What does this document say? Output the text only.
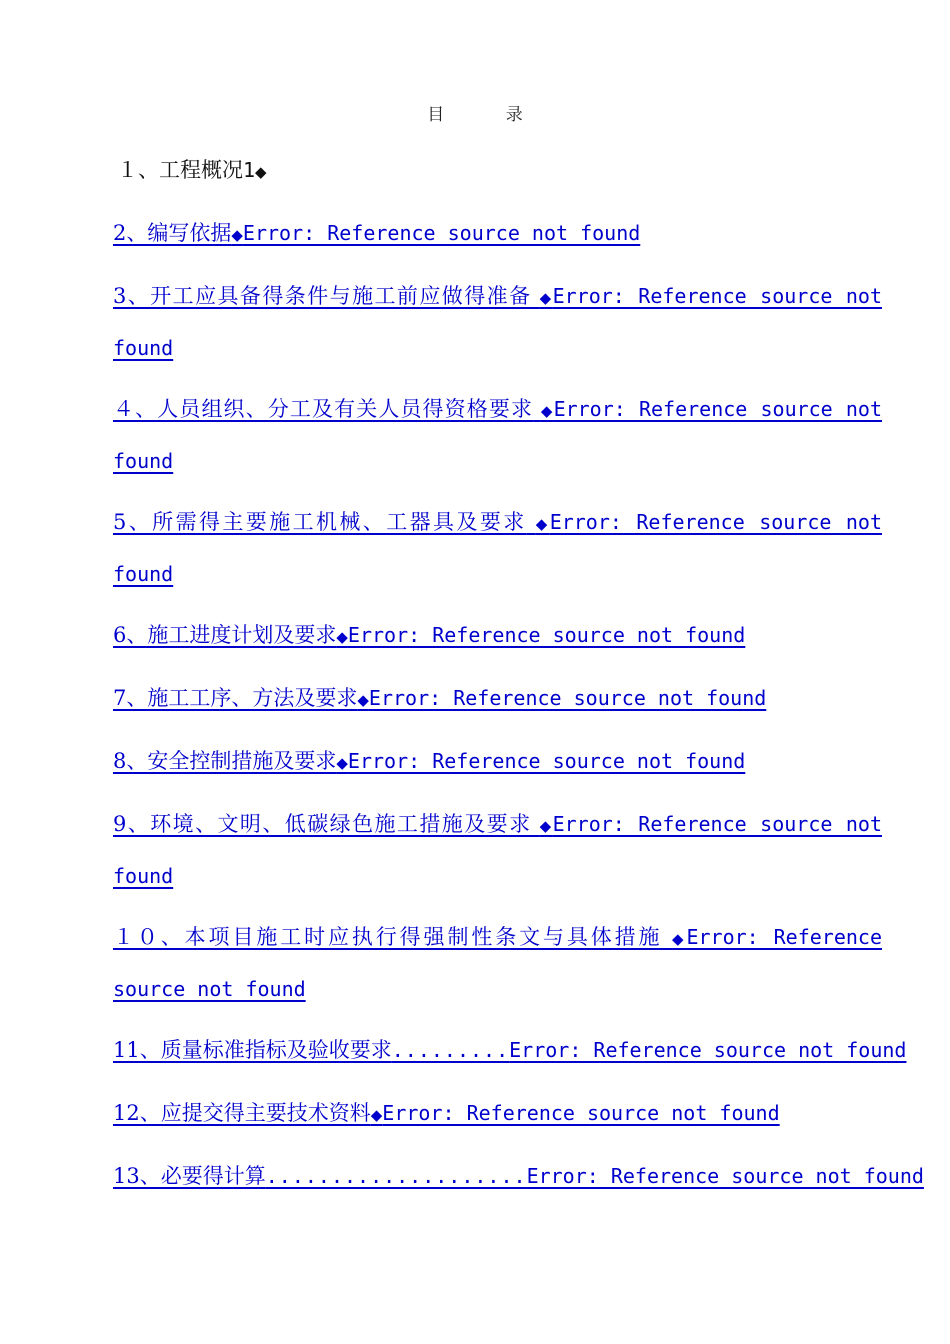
目 录
１、工程概况1◆
2、编写依据◆Error: Reference source not found
3、开工应具备得条件与施工前应做得准备 ◆Error: Reference source not
found
４、人员组织、分工及有关人员得资格要求 ◆Error: Reference source not
found
5、所需得主要施工机械、工器具及要求 ◆Error: Reference source not
found
6、施工进度计划及要求◆Error: Reference source not found
7、施工工序、方法及要求◆Error: Reference source not found
8、安全控制措施及要求◆Error: Reference source not found
9、环境、文明、低碳绿色施工措施及要求 ◆Error: Reference source not
found
１０、本项目施工时应执行得强制性条文与具体措施 ◆Error: Reference
source not found
11、质量标准指标及验收要求.........Error: Reference source not found
12、应提交得主要技术资料◆Error: Reference source not found
13、必要得计算....................Error: Reference source not found
